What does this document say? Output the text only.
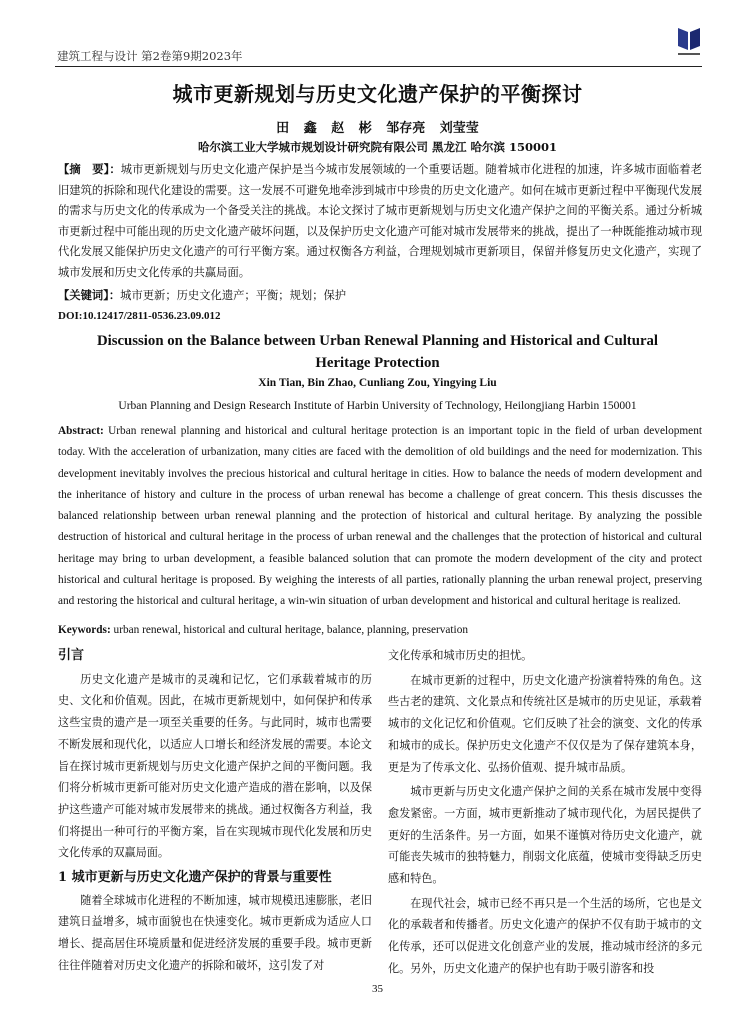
建筑工程与设计 第2卷第9期2023年
城市更新规划与历史文化遗产保护的平衡探讨
田 鑫 赵 彬 邹存亮 刘莹莹
哈尔滨工业大学城市规划设计研究院有限公司 黑龙江 哈尔滨 150001
【摘　要】：城市更新规划与历史文化遗产保护是当今城市发展领域的一个重要话题。随着城市化进程的加速，许多城市面临着老旧建筑的拆除和现代化建设的需要。这一发展不可避免地牵涉到城市中珍贵的历史文化遗产。如何在城市更新过程中平衡现代发展的需求与历史文化的传承成为一个备受关注的挑战。本论文探讨了城市更新规划与历史文化遗产保护之间的平衡关系。通过分析城市更新过程中可能出现的历史文化遗产破坏问题，以及保护历史文化遗产可能对城市发展带来的挑战，提出了一种既能推动城市现代化发展又能保护历史文化遗产的可行平衡方案。通过权衡各方利益，合理规划城市更新项目，保留并修复历史文化遗产，实现了城市发展和历史文化传承的共赢局面。
【关键词】：城市更新；历史文化遗产；平衡；规划；保护
DOI:10.12417/2811-0536.23.09.012
Discussion on the Balance between Urban Renewal Planning and Historical and Cultural Heritage Protection
Xin Tian, Bin Zhao, Cunliang Zou, Yingying Liu
Urban Planning and Design Research Institute of Harbin University of Technology, Heilongjiang Harbin 150001
Abstract: Urban renewal planning and historical and cultural heritage protection is an important topic in the field of urban development today. With the acceleration of urbanization, many cities are faced with the demolition of old buildings and the need for modernization. This development inevitably involves the precious historical and cultural heritage in cities. How to balance the needs of modern development and the inheritance of history and culture in the process of urban renewal has become a challenge of great concern. This thesis discusses the balanced relationship between urban renewal planning and the protection of historical and cultural heritage. By analyzing the possible destruction of historical and cultural heritage in the process of urban renewal and the challenges that the protection of historical and cultural heritage may bring to urban development, a feasible balanced solution that can promote the modern development of the city and protect historical and cultural heritage is proposed. By weighing the interests of all parties, rationally planning the urban renewal project, preserving and restoring the historical and cultural heritage, a win-win situation of urban development and historical and cultural heritage is realized.
Keywords: urban renewal, historical and cultural heritage, balance, planning, preservation
引言

历史文化遗产是城市的灵魂和记忆，它们承载着城市的历史、文化和价值观。因此，在城市更新规划中，如何保护和传承这些宝贵的遗产是一项至关重要的任务。与此同时，城市也需要不断发展和现代化，以适应人口增长和经济发展的需要。本论文旨在探讨城市更新规划与历史文化遗产保护之间的平衡问题。我们将分析城市更新可能对历史文化遗产造成的潜在影响，以及保护这些遗产可能对城市发展带来的挑战。通过权衡各方利益，我们将提出一种可行的平衡方案，旨在实现城市现代化发展和历史文化传承的双赢局面。

1 城市更新与历史文化遗产保护的背景与重要性

随着全球城市化进程的不断加速，城市规模迅速膨胀，老旧建筑日益增多，城市面貌也在快速变化。城市更新成为适应人口增长、提高居住环境质量和促进经济发展的重要手段。城市更新往往伴随着对历史文化遗产的拆除和破坏，这引发了对

文化传承和城市历史的担忧。

在城市更新的过程中，历史文化遗产扮演着特殊的角色。这些古老的建筑、文化景点和传统社区是城市的历史见证，承载着城市的文化记忆和价值观。它们反映了社会的演变、文化的传承和城市的成长。保护历史文化遗产不仅仅是为了保存建筑本身，更是为了传承文化、弘扬价值观、提升城市品质。

城市更新与历史文化遗产保护之间的关系在城市发展中变得愈发紧密。一方面，城市更新推动了城市现代化，为居民提供了更好的生活条件。另一方面，如果不谨慎对待历史文化遗产，就可能丧失城市的独特魅力，削弱文化底蕴，使城市变得缺乏历史感和特色。

在现代社会，城市已经不再只是一个生活的场所，它也是文化的承载者和传播者。历史文化遗产的保护不仅有助于城市的文化传承，还可以促进文化创意产业的发展，推动城市经济的多元化。另外，历史文化遗产的保护也有助于吸引游客和投

35
